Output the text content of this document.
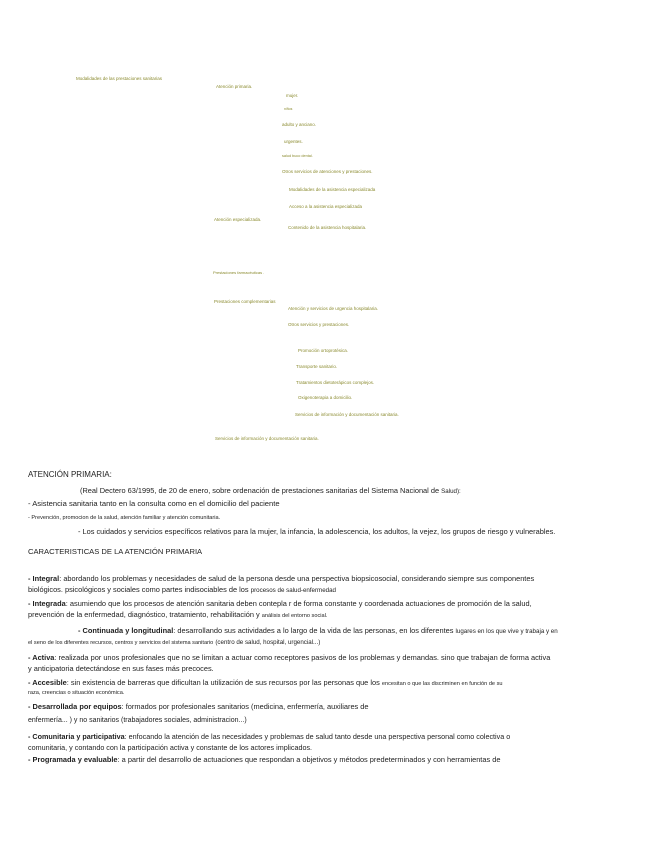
Modalidades de las prestaciones sanitarias
Atención primaria.
mujer.
niños
adulto y anciano.
urgentes.
salud buco dental.
Otros servicios de atenciones y prestaciones.
Modalidades de la asistencia especializada
Acceso a la asistencia especializada
Atención especializada.
Contenido de la asistencia hospitalaria.
Prestaciones farmacéuticas .
Prestaciones complementarias
Atención y servicios de urgencia hospitalaria.
Otros servicios y prestaciones.
Promoción ortoprotésica.
Transporte sanitario.
Tratamientos dietoterápicos complejos.
Oxigenoterapia a domicilio.
Servicios de información y documentación sanitaria.
Servicios de información y documentación sanitaria.
ATENCIÓN PRIMARIA:
(Real Dectero 63/1995, de 20 de enero, sobre ordenación de prestaciones sanitarias del Sistema Nacional de Salud):
- Asistencia sanitaria tanto en la consulta como en el domicilio del paciente
- Prevención, promocion de la salud, atención familiar y atención comunitaria.
- Los cuidados y servicios específicos relativos para la mujer, la infancia, la adolescencia, los adultos, la vejez, los grupos de riesgo y vulnerables.
CARACTERISTICAS DE LA ATENCIÓN PRIMARIA
- Integral: abordando los problemas y necesidades de salud de la persona desde una perspectiva biopsicosocial, considerando siempre sus componentes
biológicos. psicológicos y sociales como partes indisociables de los procesos de salud-enfermedad
- Integrada: asumiendo que los procesos de atención sanitaria deben contepla r de forma constante y coordenada actuaciones de promoción de la salud,
prevención de la enfermedad, diagnóstico, tratamiento, rehabilitación y análisis del entorno social.
- Continuada y longitudinal: desarrollando sus actividades a lo largo de la vida de las personas, en los diferentes lugares en los que vive y trabaja y en
el seno de los diferentes recursos, centros y servicios del sistema sanitario (centro de salud, hospital, urgencial...)
- Activa: realizada por unos profesionales que no se limitan a actuar como receptores pasivos de los problemas y demandas. sino que trabajan de forma activa
y anticipatoria detectándose en sus fases más precoces.
- Accesible: sin existencia de barreras que dificultan la utilización de sus recursos por las personas que los encesitan o que las discriminen en función de su
raza, creencias o situación económica.
- Desarrollada por equipos: formados por profesionales sanitarios (medicina, enfermería, auxiliares de
enfermería... ) y no sanitarios (trabajadores sociales, administracion...)
- Comunitaria y participativa: enfocando la atención de las necesidades y problemas de salud tanto desde una perspectiva personal como colectiva o
comunitaria, y contando con la participación activa y constante de los actores implicados.
- Programada y evaluable: a partir del desarrollo de actuaciones que respondan a objetivos y métodos predeterminados y con herramientas de
